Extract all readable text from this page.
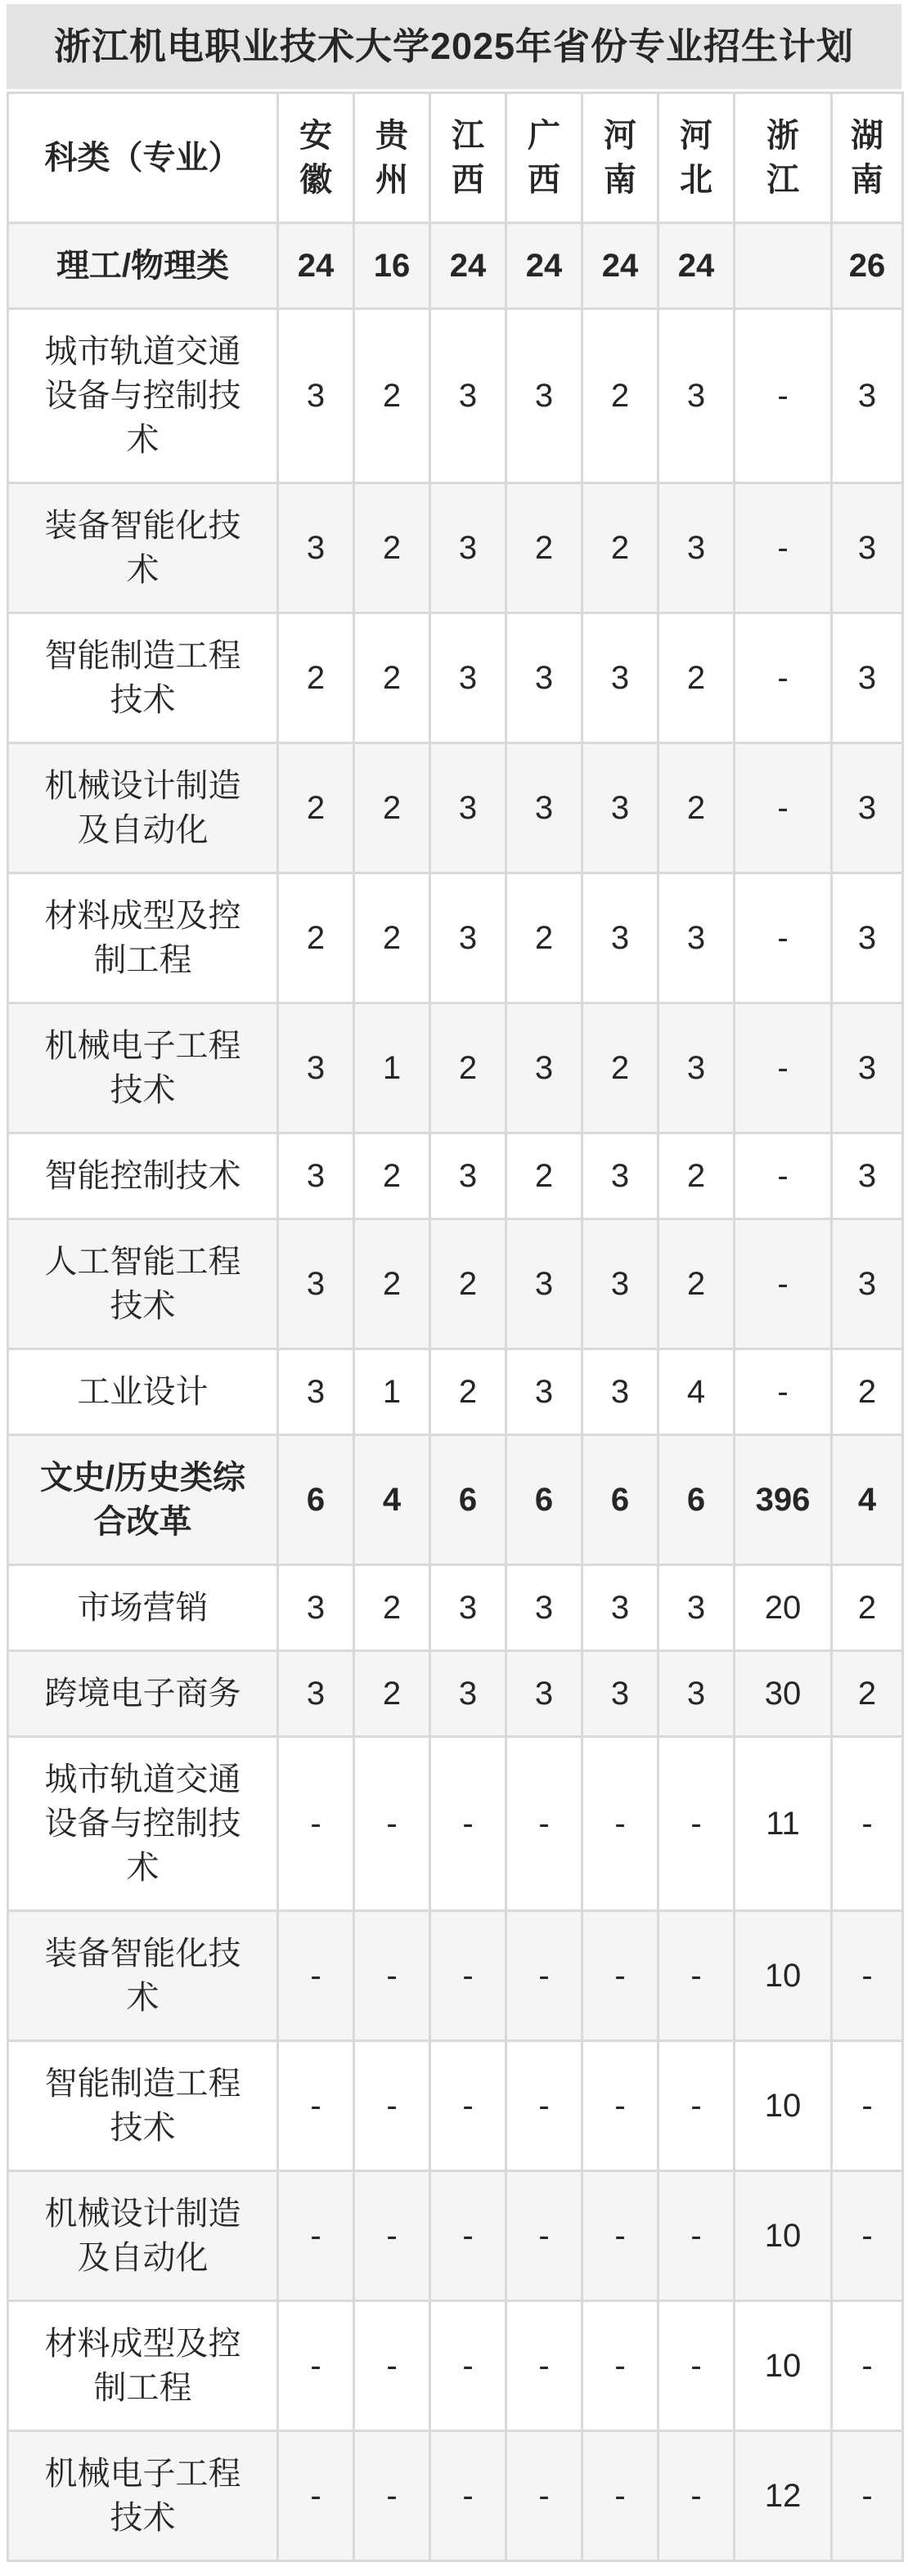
浙江机电职业技术大学2025年省份专业招生计划
科类（专业）	安徽	贵州	江西	广西	河南	河北	浙江	湖南
理工/物理类	24	16	24	24	24	24		26
城市轨道交通设备与控制技术	3	2	3	3	2	3	-	3
装备智能化技术	3	2	3	2	2	3	-	3
智能制造工程技术	2	2	3	3	3	2	-	3
机械设计制造及自动化	2	2	3	3	3	2	-	3
材料成型及控制工程	2	2	3	2	3	3	-	3
机械电子工程技术	3	1	2	3	2	3	-	3
智能控制技术	3	2	3	2	3	2	-	3
人工智能工程技术	3	2	2	3	3	2	-	3
工业设计	3	1	2	3	3	4	-	2
文史/历史类综合改革	6	4	6	6	6	6	396	4
市场营销	3	2	3	3	3	3	20	2
跨境电子商务	3	2	3	3	3	3	30	2
城市轨道交通设备与控制技术	-	-	-	-	-	-	11	-
装备智能化技术	-	-	-	-	-	-	10	-
智能制造工程技术	-	-	-	-	-	-	10	-
机械设计制造及自动化	-	-	-	-	-	-	10	-
材料成型及控制工程	-	-	-	-	-	-	10	-
机械电子工程技术	-	-	-	-	-	-	12	-
